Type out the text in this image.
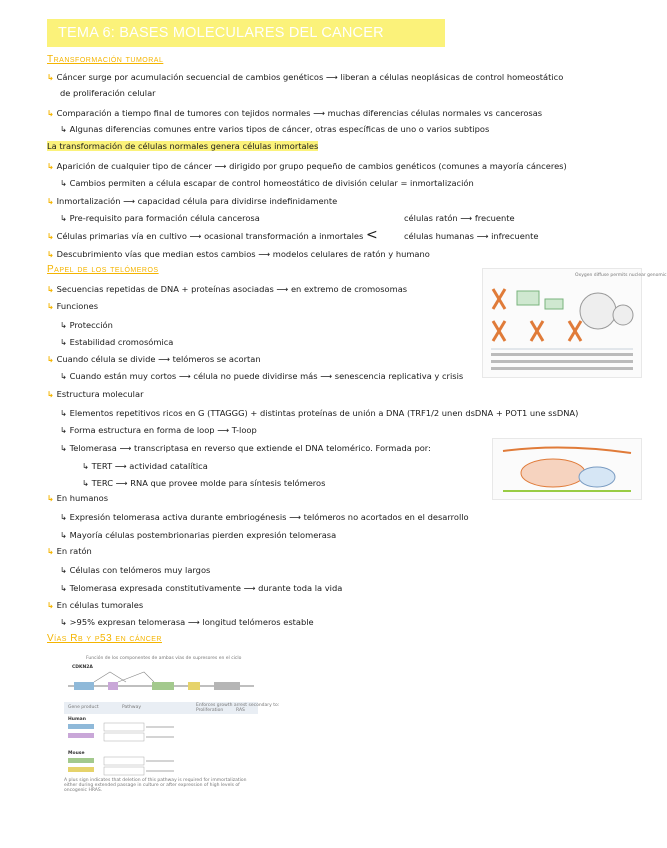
TEMA 6: BASES MOLECULARES DEL CANCER
Transformación tumoral
↳ Cáncer surge por acumulación secuencial de cambios genéticos ⟶ liberan a células neoplásicas de control homeostático
de proliferación celular
↳ Comparación a tiempo final de tumores con tejidos normales ⟶ muchas diferencias células normales vs cancerosas
↳ Algunas diferencias comunes entre varios tipos de cáncer, otras específicas de uno o varios subtipos
La transformación de células normales genera células inmortales
↳ Aparición de cualquier tipo de cáncer ⟶ dirigido por grupo pequeño de cambios genéticos (comunes a mayoría cánceres)
↳ Cambios permiten a célula escapar de control homeostático de división celular = inmortalización
↳ Inmortalización ⟶ capacidad célula para dividirse indefinidamente
↳ Pre-requisito para formación célula cancerosa	células ratón ⟶ frecuente
↳ Células primarias vía en cultivo ⟶ ocasional transformación a inmortales <	células humanas ⟶ infrecuente
↳ Descubrimiento vías que median estos cambios ⟶ modelos celulares de ratón y humano
Papel de los telómeros
↳ Secuencias repetidas de DNA + proteínas asociadas ⟶ en extremo de cromosomas
↳ Funciones
↳ Protección
↳ Estabilidad cromosómica
↳ Cuando célula se divide ⟶ telómeros se acortan
↳ Cuando están muy cortos ⟶ célula no puede dividirse más ⟶ senescencia replicativa y crisis
↳ Estructura molecular
↳ Elementos repetitivos ricos en G (TTAGGG) + distintas proteínas de unión a DNA (TRF1/2 unen dsDNA + POT1 une ssDNA)
↳ Forma estructura en forma de loop ⟶ T-loop
↳ Telomerasa ⟶ transcriptasa en reverso que extiende el DNA telomérico. Formada por:
↳ TERT ⟶ actividad catalítica
↳ TERC ⟶ RNA que provee molde para síntesis telómeros
↳ En humanos
↳ Expresión telomerasa activa durante embriogénesis ⟶ telómeros no acortados en el desarrollo
↳ Mayoría células postembrionarias pierden expresión telomerasa
↳ En ratón
↳ Células con telómeros muy largos
↳ Telomerasa expresada constitutivamente ⟶ durante toda la vida
↳ En células tumorales
↳ >95% expresan telomerasa ⟶ longitud telómeros estable
Vías Rb y p53 en cáncer
Oxygen diffuse permits nuclear genomic
Función de los componentes de ambas vías de supresores en el ciclo
CDKN2A
Gene product	Pathway	Enforces growth arrest secondary to:
Proliferation	RAS
Human
Mouse
A plus sign indicates that deletion of this pathway is required for immortalization either during extended passage in culture or after expression of high levels of oncogenic HRAS.
